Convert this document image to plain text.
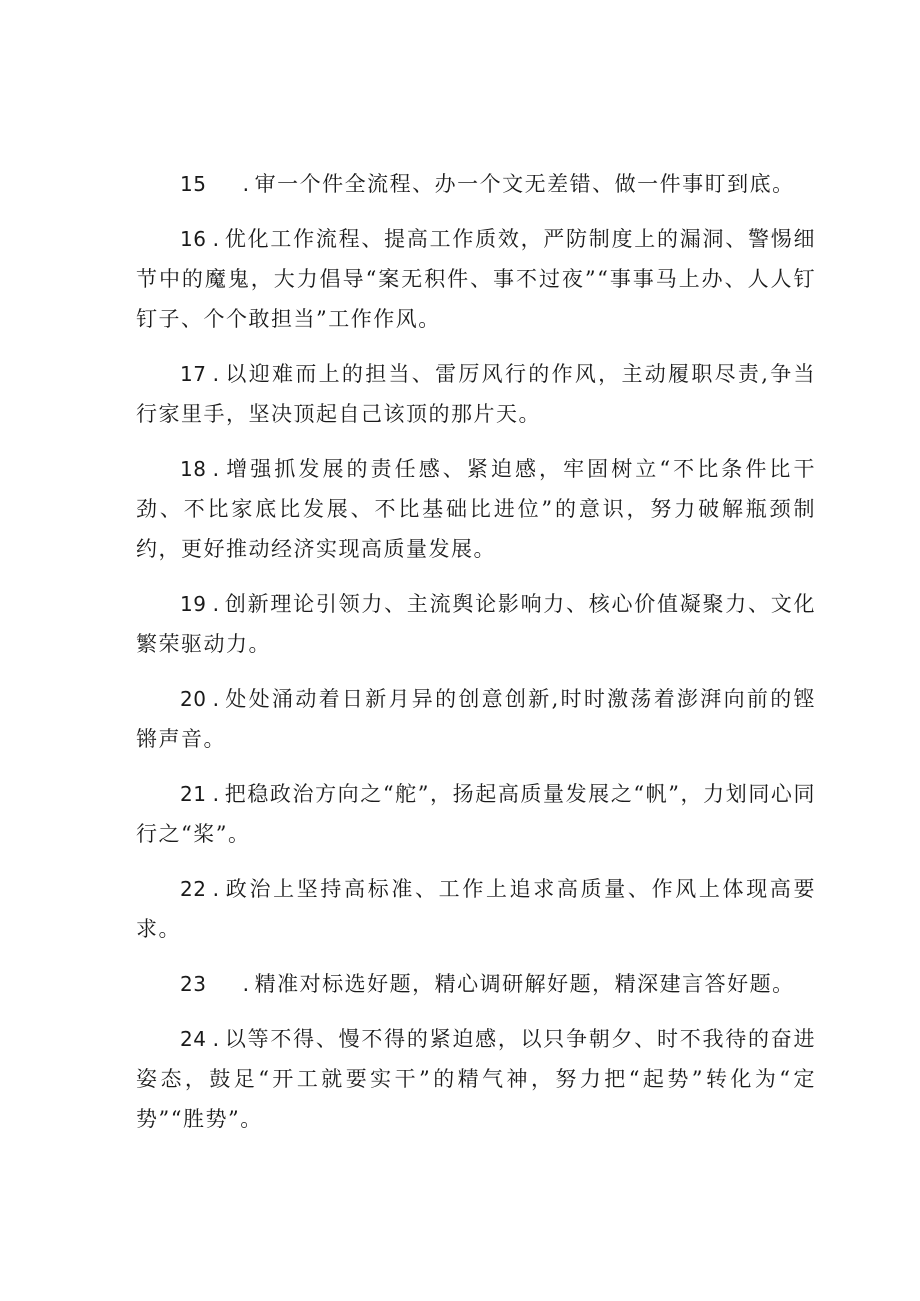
15 . 审一个件全流程、办一个文无差错、做一件事盯到底。

16 . 优化工作流程、提高工作质效，严防制度上的漏洞、警惕细节中的魔鬼，大力倡导“案无积件、事不过夜”“事事马上办、人人钉钉子、个个敢担当”工作作风。

17 . 以迎难而上的担当、雷厉风行的作风，主动履职尽责,争当行家里手，坚决顶起自己该顶的那片天。

18 . 增强抓发展的责任感、紧迫感，牢固树立“不比条件比干劲、不比家底比发展、不比基础比进位”的意识，努力破解瓶颈制约，更好推动经济实现高质量发展。

19 . 创新理论引领力、主流舆论影响力、核心价值凝聚力、文化繁荣驱动力。

20 . 处处涌动着日新月异的创意创新,时时激荡着澎湃向前的铿锵声音。

21 . 把稳政治方向之“舵”，扬起高质量发展之“帆”，力划同心同行之“桨”。

22 . 政治上坚持高标准、工作上追求高质量、作风上体现高要求。

23 . 精准对标选好题，精心调研解好题，精深建言答好题。

24 . 以等不得、慢不得的紧迫感，以只争朝夕、时不我待的奋进姿态，鼓足“开工就要实干”的精气神，努力把“起势”转化为“定势”“胜势”。
